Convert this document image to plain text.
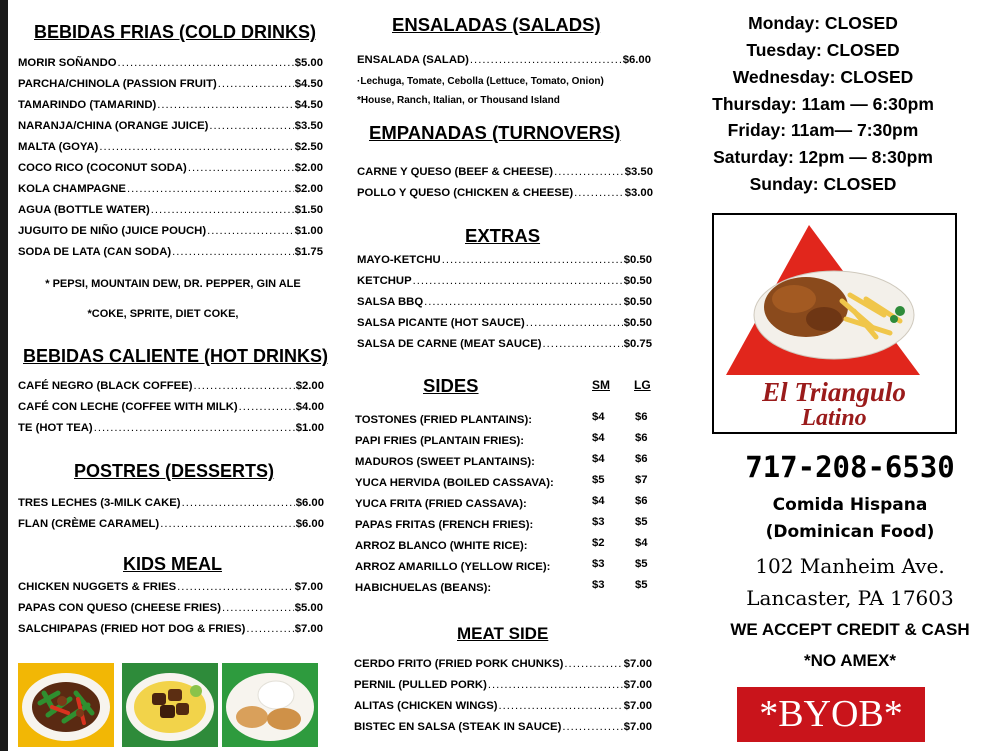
BEBIDAS FRIAS (COLD DRINKS)
MORIR SOÑANDO .....	$5.00
PARCHA/CHINOLA (PASSION FRUIT) .....	$4.50
TAMARINDO (TAMARIND) .....	$4.50
NARANJA/CHINA (ORANGE JUICE) .....	$3.50
MALTA (GOYA) .....	$2.50
COCO RICO (COCONUT SODA) .....	$2.00
KOLA CHAMPAGNE .....	$2.00
AGUA (BOTTLE WATER) .....	$1.50
JUGUITO DE NIÑO (JUICE POUCH) .....	$1.00
SODA DE LATA (CAN SODA) .....	$1.75
* PEPSI, MOUNTAIN DEW, DR. PEPPER, GIN ALE
*COKE, SPRITE, DIET COKE,
BEBIDAS CALIENTE (HOT DRINKS)
CAFÉ NEGRO (BLACK COFFEE) .....	$2.00
CAFÉ CON LECHE (COFFEE WITH MILK) .....	$4.00
TE (HOT TEA) .....	$1.00
POSTRES (DESSERTS)
TRES LECHES (3-MILK CAKE) .....	$6.00
FLAN (CRÈME CARAMEL) .....	$6.00
KIDS MEAL
CHICKEN NUGGETS & FRIES .....	$7.00
PAPAS CON QUESO (CHEESE FRIES) .....	$5.00
SALCHIPAPAS (FRIED HOT DOG & FRIES) .....	$7.00
ENSALADAS (SALADS)
ENSALADA (SALAD) .....	$6.00
·Lechuga, Tomate, Cebolla (Lettuce, Tomato, Onion)
*House, Ranch, Italian, or Thousand Island
EMPANADAS (TURNOVERS)
CARNE Y QUESO (BEEF & CHEESE) .....	$3.50
POLLO Y QUESO (CHICKEN & CHEESE) .....	$3.00
EXTRAS
MAYO-KETCHU .....	$0.50
KETCHUP .....	$0.50
SALSA BBQ .....	$0.50
SALSA PICANTE (HOT SAUCE) .....	$0.50
SALSA DE CARNE (MEAT SAUCE) .....	$0.75
SIDES	SM LG
TOSTONES (FRIED PLANTAINS):	$4	$6
PAPI FRIES (PLANTAIN FRIES):	$4	$6
MADUROS (SWEET PLANTAINS):	$4	$6
YUCA HERVIDA (BOILED CASSAVA):	$5	$7
YUCA FRITA (FRIED CASSAVA):	$4	$6
PAPAS FRITAS (FRENCH FRIES):	$3	$5
ARROZ BLANCO (WHITE RICE):	$2	$4
ARROZ AMARILLO (YELLOW RICE):	$3	$5
HABICHUELAS (BEANS):	$3	$5
MEAT SIDE
CERDO FRITO (FRIED PORK CHUNKS) .....	$7.00
PERNIL (PULLED PORK) .....	$7.00
ALITAS (CHICKEN WINGS) .....	$7.00
BISTEC EN SALSA (STEAK IN SAUCE) .....	$7.00
Monday: CLOSED
Tuesday: CLOSED
Wednesday: CLOSED
Thursday: 11am — 6:30pm
Friday: 11am— 7:30pm
Saturday: 12pm — 8:30pm
Sunday: CLOSED
El Triangulo
Latino
717-208-6530
Comida Hispana
(Dominican Food)
102 Manheim Ave.
Lancaster, PA 17603
WE ACCEPT CREDIT & CASH
*NO AMEX*
*BYOB*
